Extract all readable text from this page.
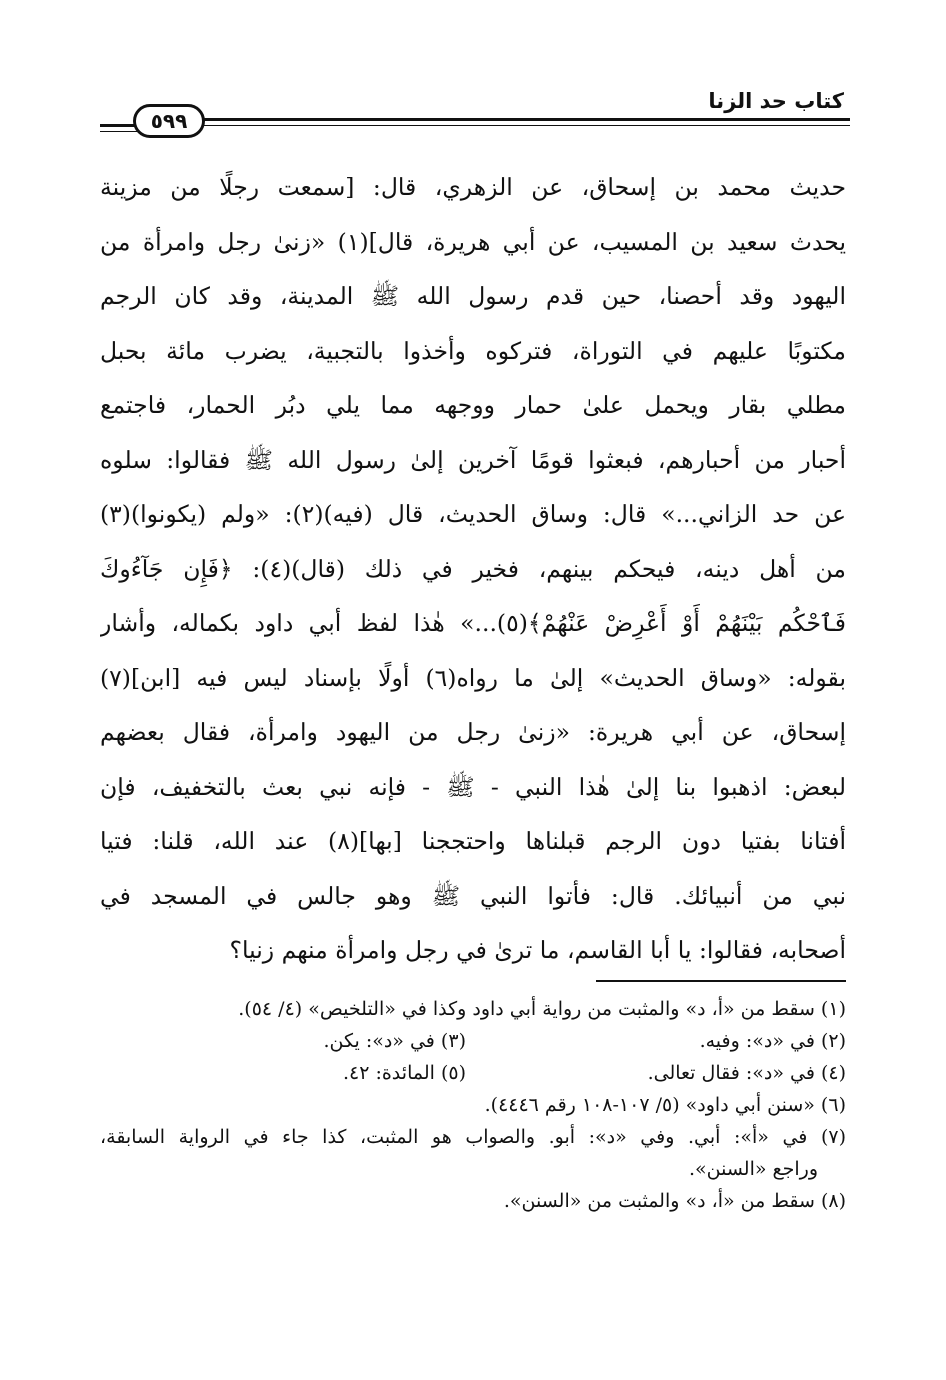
كتاب حد الزنا
٥٩٩
حديث محمد بن إسحاق، عن الزهري، قال: [سمعت رجلًا من مزينة
يحدث سعيد بن المسيب، عن أبي هريرة، قال](١) «زنىٰ رجل وامرأة من
اليهود وقد أحصنا، حين قدم رسول الله ﷺ المدينة، وقد كان الرجم
مكتوبًا عليهم في التوراة، فتركوه وأخذوا بالتجبية، يضرب مائة بحبل
مطلي بقار ويحمل علىٰ حمار ووجهه مما يلي دبُر الحمار، فاجتمع
أحبار من أحبارهم، فبعثوا قومًا آخرين إلىٰ رسول الله ﷺ فقالوا: سلوه
عن حد الزاني...» قال: وساق الحديث، قال (فيه)(٢): «ولم (يكونوا)(٣)
من أهل دينه، فيحكم بينهم، فخير في ذلك (قال)(٤): ﴿فَإِن جَآءُوكَ
فَٱحْكُم بَيْنَهُمْ أَوْ أَعْرِضْ عَنْهُمْ﴾(٥)...» هٰذا لفظ أبي داود بكماله، وأشار
بقوله: «وساق الحديث» إلىٰ ما رواه(٦) أولًا بإسناد ليس فيه [ابن](٧)
إسحاق، عن أبي هريرة: «زنىٰ رجل من اليهود وامرأة، فقال بعضهم
لبعض: اذهبوا بنا إلىٰ هٰذا النبي - ﷺ - فإنه نبي بعث بالتخفيف، فإن
أفتانا بفتيا دون الرجم قبلناها واحتججنا [بها](٨) عند الله، قلنا: فتيا
نبي من أنبيائك. قال: فأتوا النبي ﷺ وهو جالس في المسجد في
أصحابه، فقالوا: يا أبا القاسم، ما ترىٰ في رجل وامرأة منهم زنيا؟
(١) سقط من «أ، د» والمثبت من رواية أبي داود وكذا في «التلخيص» (٤/ ٥٤).
(٢) في «د»: وفيه.
(٣) في «د»: يكن.
(٤) في «د»: فقال تعالى.
(٥) المائدة: ٤٢.
(٦) «سنن أبي داود» (٥/ ١٠٧-١٠٨ رقم ٤٤٤٦).
(٧) في «أ»: أبي. وفي «د»: أبو. والصواب هو المثبت، كذا جاء في الرواية السابقة،
وراجع «السنن».
(٨) سقط من «أ، د» والمثبت من «السنن».
